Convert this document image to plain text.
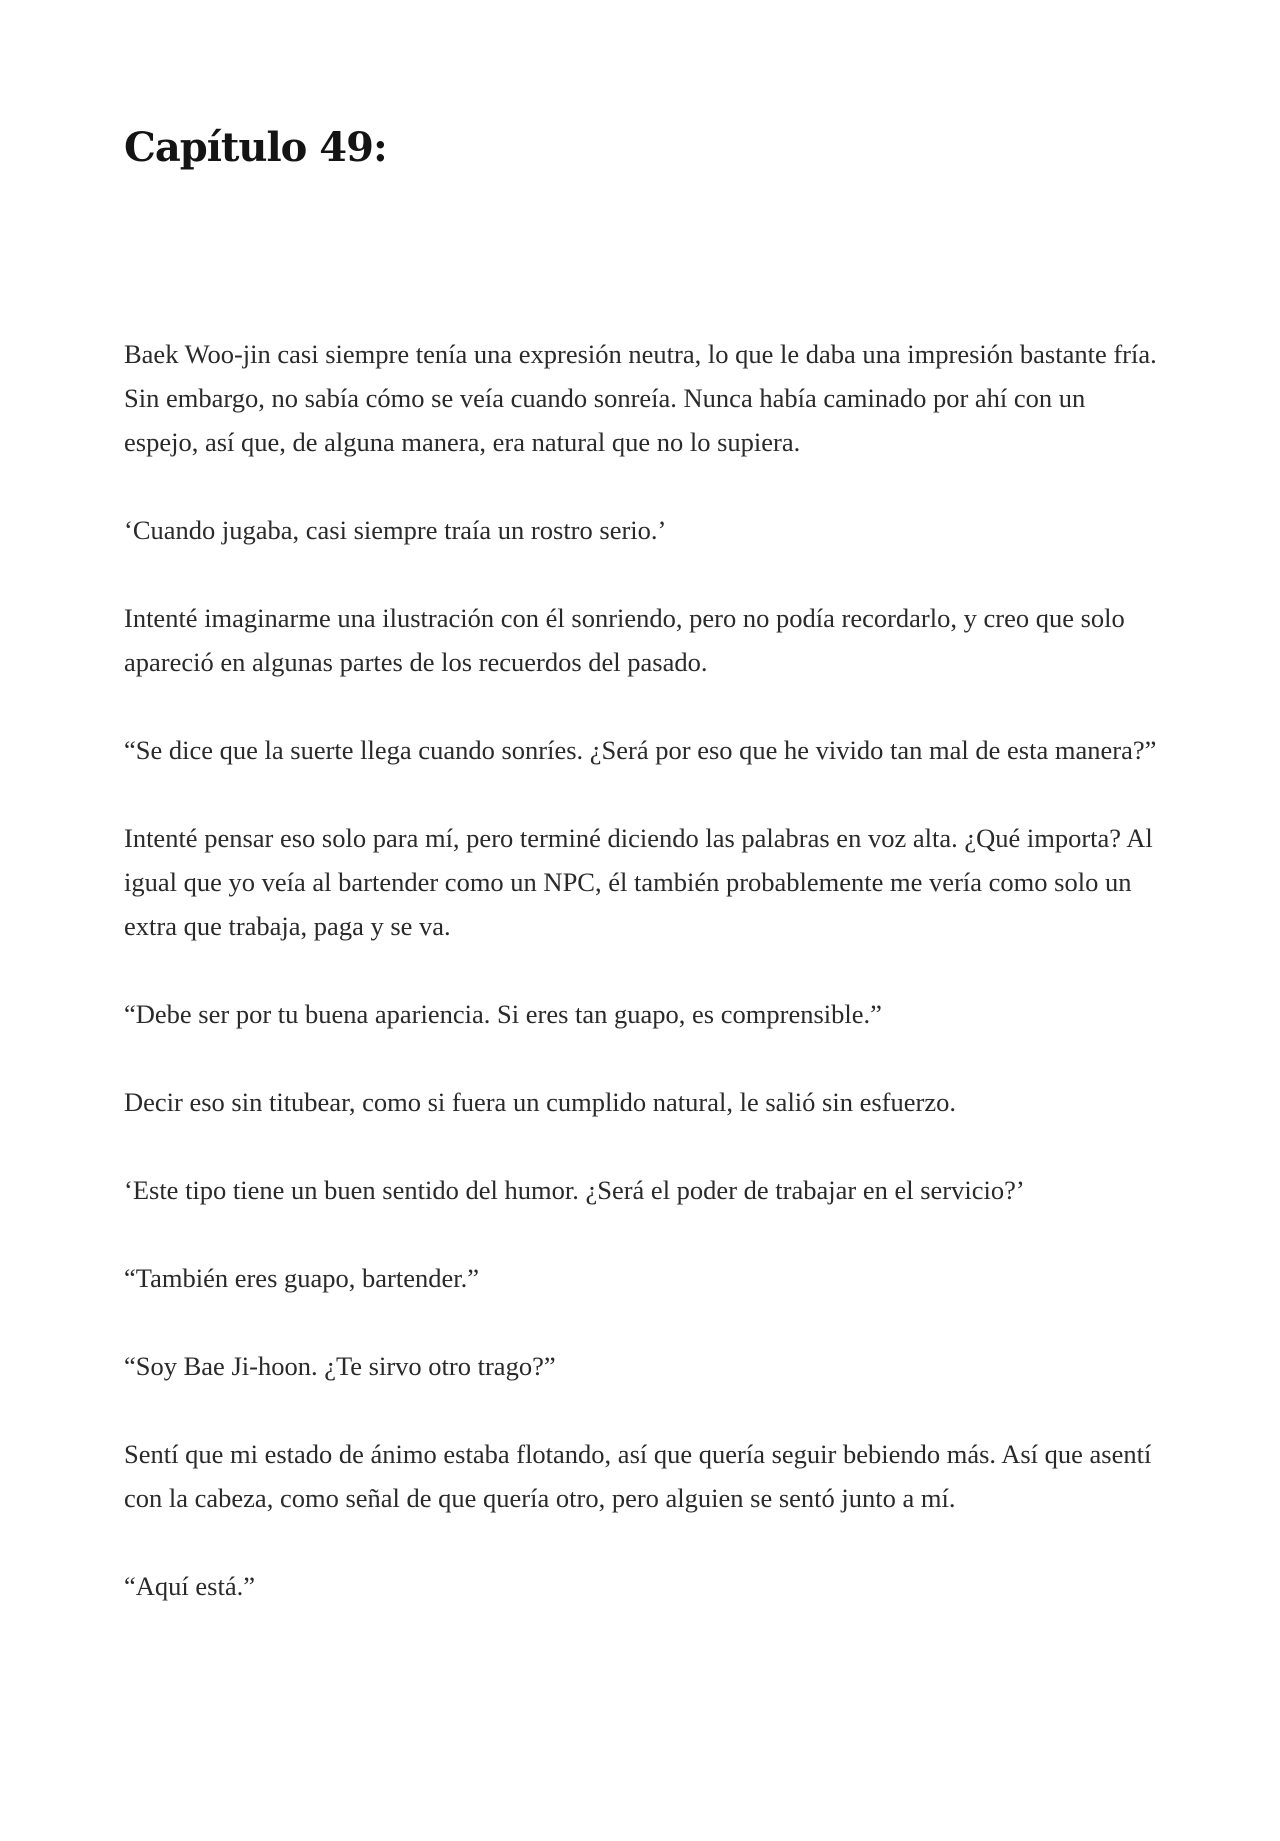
Capítulo 49:

Baek Woo-jin casi siempre tenía una expresión neutra, lo que le daba una impresión bastante fría. Sin embargo, no sabía cómo se veía cuando sonreía. Nunca había caminado por ahí con un espejo, así que, de alguna manera, era natural que no lo supiera.

‘Cuando jugaba, casi siempre traía un rostro serio.’

Intenté imaginarme una ilustración con él sonriendo, pero no podía recordarlo, y creo que solo apareció en algunas partes de los recuerdos del pasado.

“Se dice que la suerte llega cuando sonríes. ¿Será por eso que he vivido tan mal de esta manera?”

Intenté pensar eso solo para mí, pero terminé diciendo las palabras en voz alta. ¿Qué importa? Al igual que yo veía al bartender como un NPC, él también probablemente me vería como solo un extra que trabaja, paga y se va.

“Debe ser por tu buena apariencia. Si eres tan guapo, es comprensible.”

Decir eso sin titubear, como si fuera un cumplido natural, le salió sin esfuerzo.

‘Este tipo tiene un buen sentido del humor. ¿Será el poder de trabajar en el servicio?’

“También eres guapo, bartender.”

“Soy Bae Ji-hoon. ¿Te sirvo otro trago?”

Sentí que mi estado de ánimo estaba flotando, así que quería seguir bebiendo más. Así que asentí con la cabeza, como señal de que quería otro, pero alguien se sentó junto a mí.

“Aquí está.”
